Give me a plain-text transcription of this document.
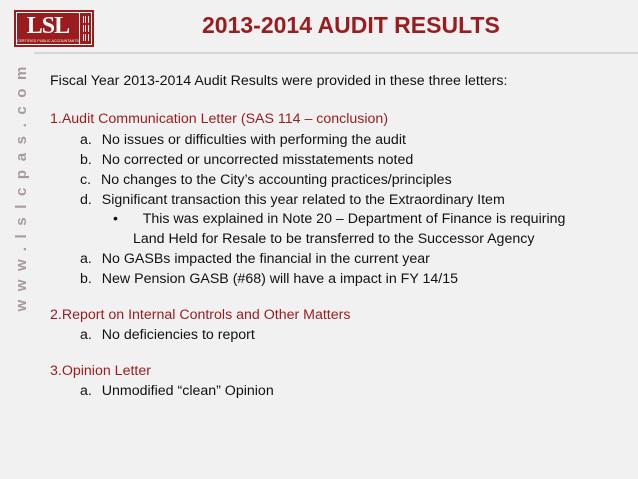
LSL
CERTIFIED PUBLIC ACCOUNTANTS
www.lslcpas.com
2013-2014 AUDIT RESULTS
Fiscal Year 2013-2014 Audit Results were provided in these three letters:
1.Audit Communication Letter (SAS 114 – conclusion)
a. No issues or difficulties with performing the audit
b. No corrected or uncorrected misstatements noted
c. No changes to the City’s accounting practices/principles
d. Significant transaction this year related to the Extraordinary Item
• This was explained in Note 20 – Department of Finance is requiring
Land Held for Resale to be transferred to the Successor Agency
a. No GASBs impacted the financial in the current year
b. New Pension GASB (#68) will have a impact in FY 14/15
2.Report on Internal Controls and Other Matters
a. No deficiencies to report
3.Opinion Letter
a. Unmodified “clean” Opinion
